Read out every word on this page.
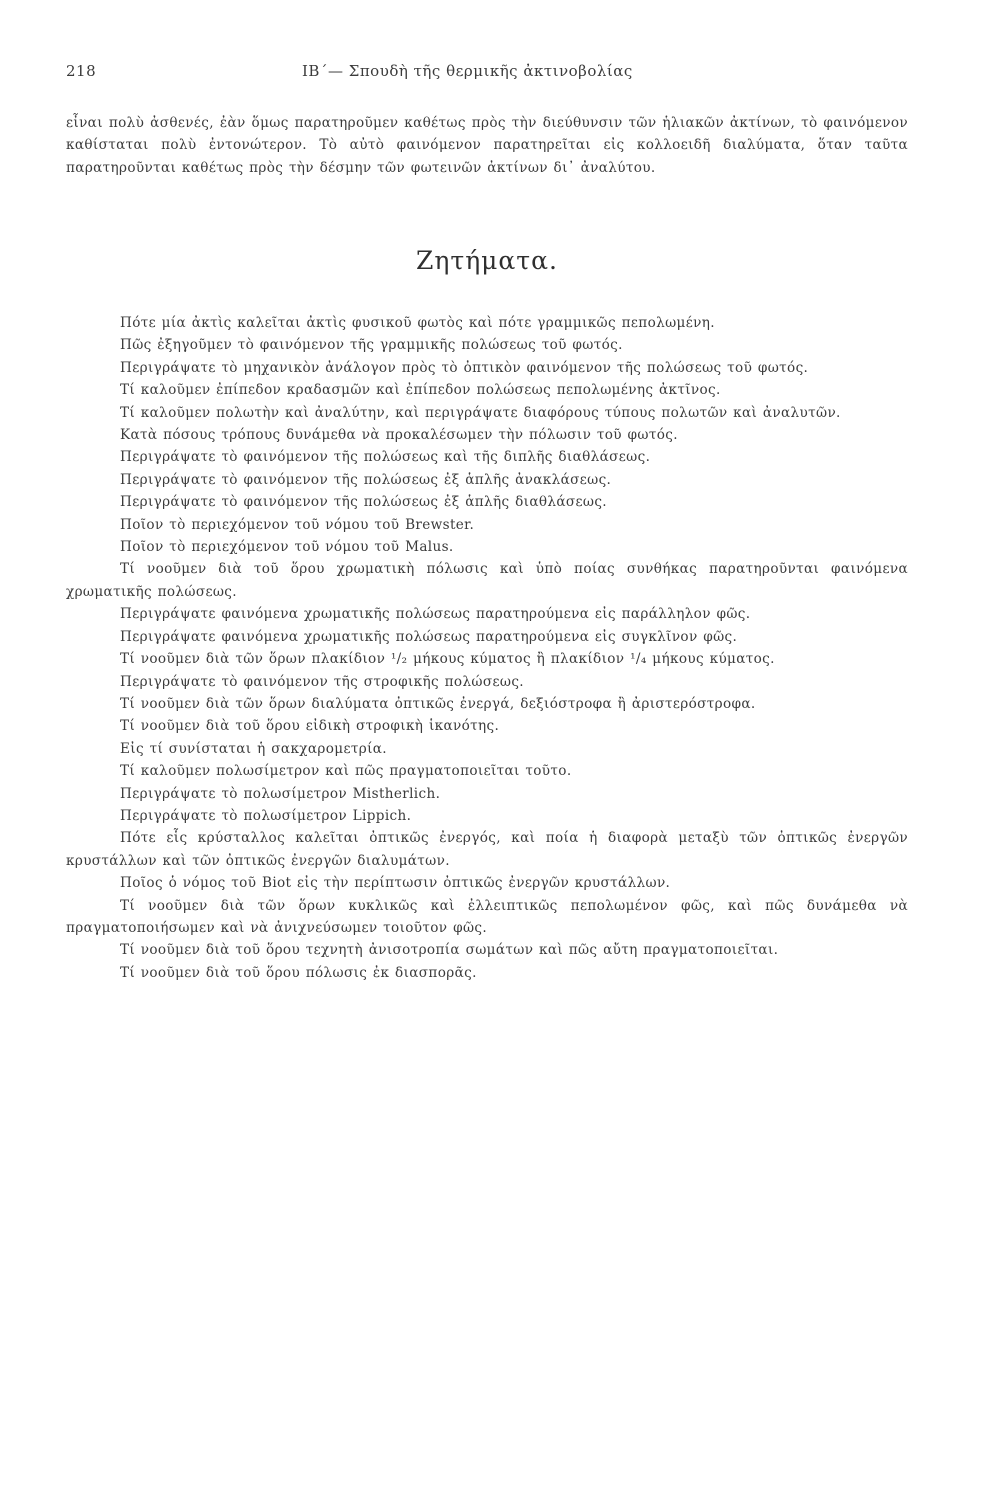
218	ΙΒ΄— Σπουδὴ τῆς θερμικῆς ἀκτινοβολίας

εἶναι πολὺ ἀσθενές, ἐὰν ὅμως παρατηροῦμεν καθέτως πρὸς τὴν διεύθυνσιν τῶν ἡλιακῶν ἀκτίνων, τὸ φαινόμενον καθίσταται πολὺ ἐντονώτερον. Τὸ αὐτὸ φαινόμενον παρατηρεῖται εἰς κολλοειδῆ διαλύματα, ὅταν ταῦτα παρατηροῦνται καθέτως πρὸς τὴν δέσμην τῶν φωτεινῶν ἀκτίνων δι᾽ ἀναλύτου.

Ζητήματα.

Πότε μία ἀκτὶς καλεῖται ἀκτὶς φυσικοῦ φωτὸς καὶ πότε γραμμικῶς πεπολωμένη.

Πῶς ἐξηγοῦμεν τὸ φαινόμενον τῆς γραμμικῆς πολώσεως τοῦ φωτός.

Περιγράψατε τὸ μηχανικὸν ἀνάλογον πρὸς τὸ ὀπτικὸν φαινόμενον τῆς πολώσεως τοῦ φωτός.

Τί καλοῦμεν ἐπίπεδον κραδασμῶν καὶ ἐπίπεδον πολώσεως πεπολωμένης ἀκτῖνος.

Τί καλοῦμεν πολωτὴν καὶ ἀναλύτην, καὶ περιγράψατε διαφόρους τύπους πολωτῶν καὶ ἀναλυτῶν.

Κατὰ πόσους τρόπους δυνάμεθα νὰ προκαλέσωμεν τὴν πόλωσιν τοῦ φωτός.

Περιγράψατε τὸ φαινόμενον τῆς πολώσεως καὶ τῆς διπλῆς διαθλάσεως.

Περιγράψατε τὸ φαινόμενον τῆς πολώσεως ἐξ ἁπλῆς ἀνακλάσεως.

Περιγράψατε τὸ φαινόμενον τῆς πολώσεως ἐξ ἁπλῆς διαθλάσεως.

Ποῖον τὸ περιεχόμενον τοῦ νόμου τοῦ Brewster.

Ποῖον τὸ περιεχόμενον τοῦ νόμου τοῦ Malus.

Τί νοοῦμεν διὰ τοῦ ὅρου χρωματικὴ πόλωσις καὶ ὑπὸ ποίας συνθήκας παρατηροῦνται φαινόμενα χρωματικῆς πολώσεως.

Περιγράψατε φαινόμενα χρωματικῆς πολώσεως παρατηρούμενα εἰς παράλληλον φῶς.

Περιγράψατε φαινόμενα χρωματικῆς πολώσεως παρατηρούμενα εἰς συγκλῖνον φῶς.

Τί νοοῦμεν διὰ τῶν ὅρων πλακίδιον ¹/₂ μήκους κύματος ἢ πλακίδιον ¹/₄ μήκους κύματος.

Περιγράψατε τὸ φαινόμενον τῆς στροφικῆς πολώσεως.

Τί νοοῦμεν διὰ τῶν ὅρων διαλύματα ὀπτικῶς ἐνεργά, δεξιόστροφα ἢ ἀριστερόστροφα.

Τί νοοῦμεν διὰ τοῦ ὅρου εἰδικὴ στροφικὴ ἱκανότης.

Εἰς τί συνίσταται ἡ σακχαρομετρία.

Τί καλοῦμεν πολωσίμετρον καὶ πῶς πραγματοποιεῖται τοῦτο.

Περιγράψατε τὸ πολωσίμετρον Mistherlich.

Περιγράψατε τὸ πολωσίμετρον Lippich.

Πότε εἷς κρύσταλλος καλεῖται ὀπτικῶς ἐνεργός, καὶ ποία ἡ διαφορὰ μεταξὺ τῶν ὀπτικῶς ἐνεργῶν κρυστάλλων καὶ τῶν ὀπτικῶς ἐνεργῶν διαλυμάτων.

Ποῖος ὁ νόμος τοῦ Biot εἰς τὴν περίπτωσιν ὀπτικῶς ἐνεργῶν κρυστάλλων.

Τί νοοῦμεν διὰ τῶν ὅρων κυκλικῶς καὶ ἐλλειπτικῶς πεπολωμένον φῶς, καὶ πῶς δυνάμεθα νὰ πραγματοποιήσωμεν καὶ νὰ ἀνιχνεύσωμεν τοιοῦτον φῶς.

Τί νοοῦμεν διὰ τοῦ ὅρου τεχνητὴ ἀνισοτροπία σωμάτων καὶ πῶς αὔτη πραγματοποιεῖται.

Τί νοοῦμεν διὰ τοῦ ὅρου πόλωσις ἐκ διασπορᾶς.
